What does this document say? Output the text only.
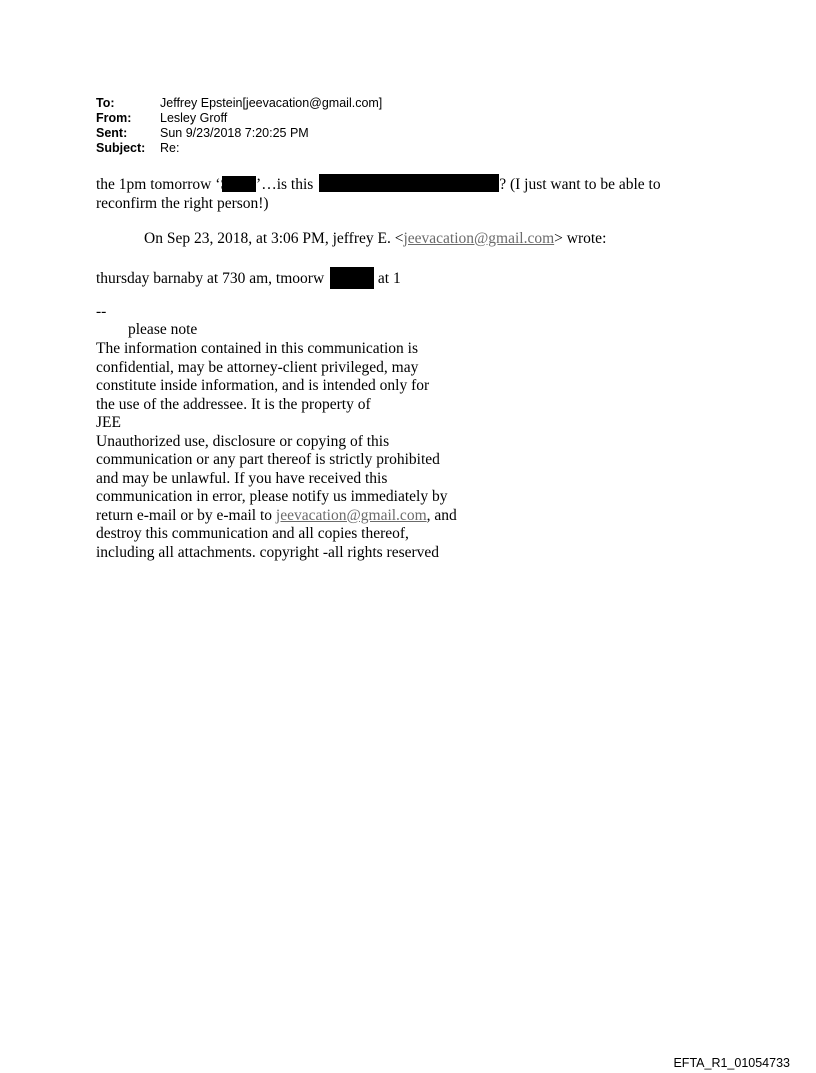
To:	Jeffrey Epstein[jeevacation@gmail.com]
From:	Lesley Groff
Sent:	Sun 9/23/2018 7:20:25 PM
Subject:	Re:
the 1pm tomorrow ‘ ’…is this	? (I just want to be able to
reconfirm the right person!)
On Sep 23, 2018, at 3:06 PM, jeffrey E. <jeevacation@gmail.com> wrote:
thursday barnaby at 730 am, tmoorw	at 1
--
please note
The information contained in this communication is
confidential, may be attorney-client privileged, may
constitute inside information, and is intended only for
the use of the addressee. It is the property of
JEE
Unauthorized use, disclosure or copying of this
communication or any part thereof is strictly prohibited
and may be unlawful. If you have received this
communication in error, please notify us immediately by
return e-mail or by e-mail to jeevacation@gmail.com, and
destroy this communication and all copies thereof,
including all attachments. copyright -all rights reserved
EFTA_R1_01054733
